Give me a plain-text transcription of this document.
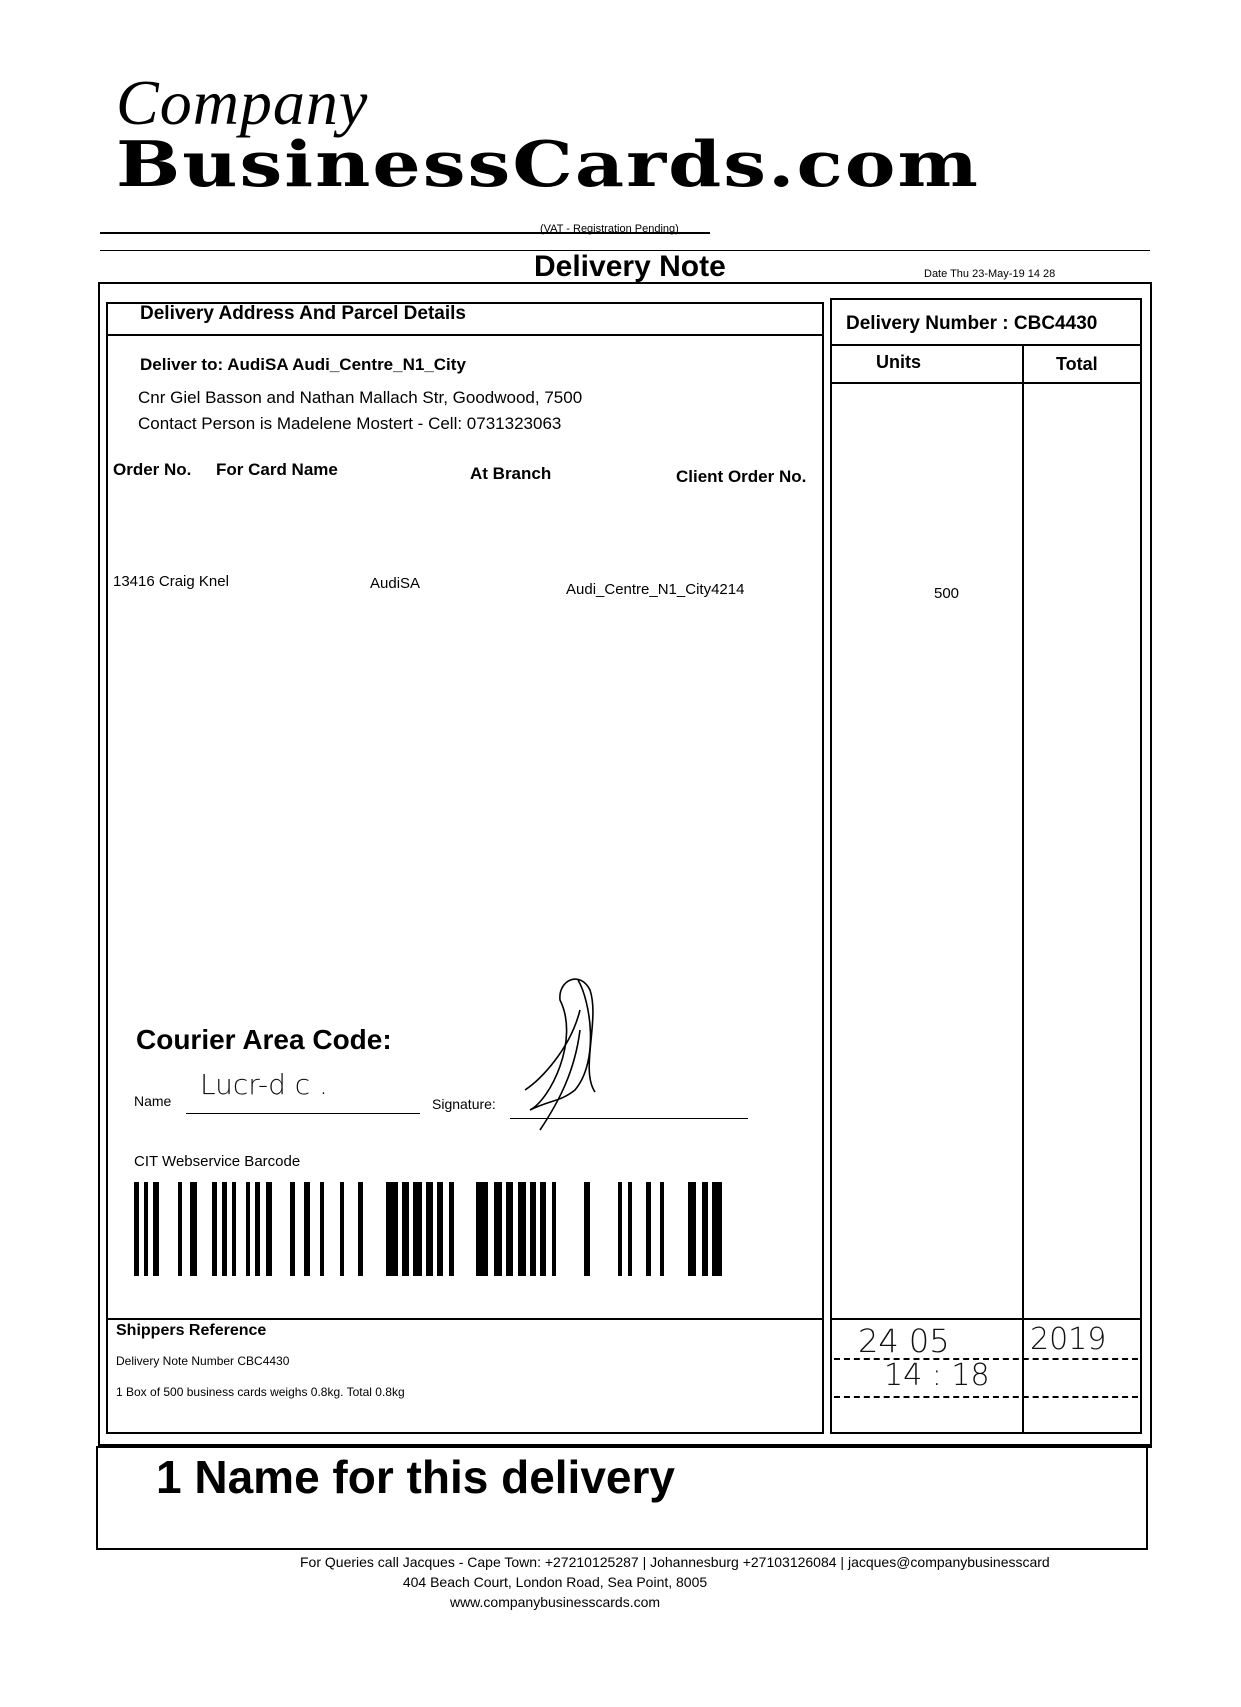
Company
BusinessCards.com
(VAT - Registration Pending)
Delivery Note	Date Thu 23-May-19 14 28
Delivery Address And Parcel Details
Deliver to: AudiSA Audi_Centre_N1_City
Cnr Giel Basson and Nathan Mallach Str, Goodwood, 7500
Contact Person is Madelene Mostert - Cell: 0731323063
Order No. For Card Name	At Branch	Client Order No.
13416 Craig Knel	AudiSA	Audi_Centre_N1_City4214
Courier Area Code:
Name Lucr-d c .
Signature:
CIT Webservice Barcode
Shippers Reference
Delivery Note Number CBC4430
1 Box of 500 business cards weighs 0.8kg. Total 0.8kg
Delivery Number : CBC4430
Units	Total
500
24 05	2019
14 : 18
1 Name for this delivery
For Queries call Jacques - Cape Town: +27210125287 | Johannesburg +27103126084 | jacques@companybusinesscard
404 Beach Court, London Road, Sea Point, 8005
www.companybusinesscards.com
